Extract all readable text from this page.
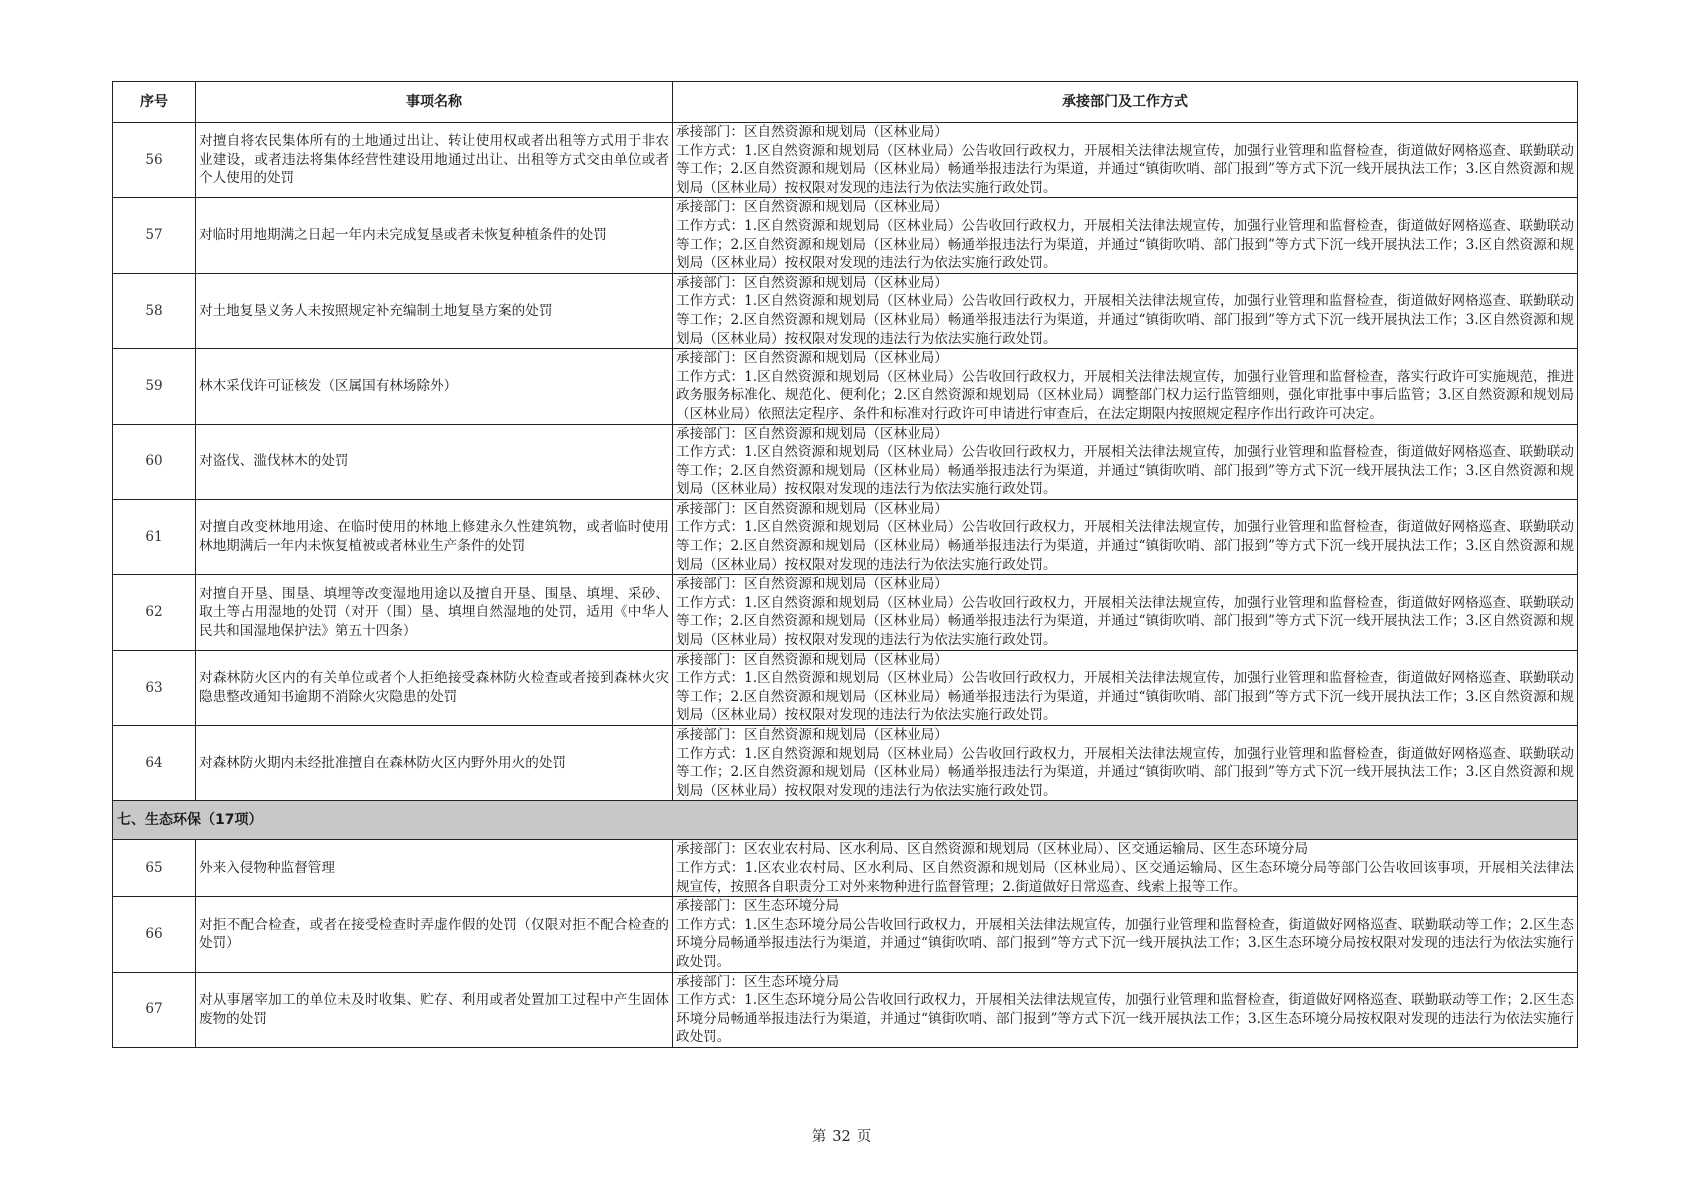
序号	事项名称	承接部门及工作方式
56	对擅自将农民集体所有的土地通过出让、转让使用权或者出租等方式用于非农业建设，或者违法将集体经营性建设用地通过出让、出租等方式交由单位或者个人使用的处罚	承接部门：区自然资源和规划局（区林业局）
工作方式：1.区自然资源和规划局（区林业局）公告收回行政权力，开展相关法律法规宣传，加强行业管理和监督检查，街道做好网格巡查、联勤联动等工作；2.区自然资源和规划局（区林业局）畅通举报违法行为渠道，并通过“镇街吹哨、部门报到”等方式下沉一线开展执法工作；3.区自然资源和规划局（区林业局）按权限对发现的违法行为依法实施行政处罚。
57	对临时用地期满之日起一年内未完成复垦或者未恢复种植条件的处罚	承接部门：区自然资源和规划局（区林业局）
工作方式：1.区自然资源和规划局（区林业局）公告收回行政权力，开展相关法律法规宣传，加强行业管理和监督检查，街道做好网格巡查、联勤联动等工作；2.区自然资源和规划局（区林业局）畅通举报违法行为渠道，并通过“镇街吹哨、部门报到”等方式下沉一线开展执法工作；3.区自然资源和规划局（区林业局）按权限对发现的违法行为依法实施行政处罚。
58	对土地复垦义务人未按照规定补充编制土地复垦方案的处罚	承接部门：区自然资源和规划局（区林业局）
工作方式：1.区自然资源和规划局（区林业局）公告收回行政权力，开展相关法律法规宣传，加强行业管理和监督检查，街道做好网格巡查、联勤联动等工作；2.区自然资源和规划局（区林业局）畅通举报违法行为渠道，并通过“镇街吹哨、部门报到”等方式下沉一线开展执法工作；3.区自然资源和规划局（区林业局）按权限对发现的违法行为依法实施行政处罚。
59	林木采伐许可证核发（区属国有林场除外）	承接部门：区自然资源和规划局（区林业局）
工作方式：1.区自然资源和规划局（区林业局）公告收回行政权力，开展相关法律法规宣传，加强行业管理和监督检查，落实行政许可实施规范，推进政务服务标准化、规范化、便利化；2.区自然资源和规划局（区林业局）调整部门权力运行监管细则，强化审批事中事后监管；3.区自然资源和规划局（区林业局）依照法定程序、条件和标准对行政许可申请进行审查后，在法定期限内按照规定程序作出行政许可决定。
60	对盗伐、滥伐林木的处罚	承接部门：区自然资源和规划局（区林业局）
工作方式：1.区自然资源和规划局（区林业局）公告收回行政权力，开展相关法律法规宣传，加强行业管理和监督检查，街道做好网格巡查、联勤联动等工作；2.区自然资源和规划局（区林业局）畅通举报违法行为渠道，并通过“镇街吹哨、部门报到”等方式下沉一线开展执法工作；3.区自然资源和规划局（区林业局）按权限对发现的违法行为依法实施行政处罚。
61	对擅自改变林地用途、在临时使用的林地上修建永久性建筑物，或者临时使用林地期满后一年内未恢复植被或者林业生产条件的处罚	承接部门：区自然资源和规划局（区林业局）
工作方式：1.区自然资源和规划局（区林业局）公告收回行政权力，开展相关法律法规宣传，加强行业管理和监督检查，街道做好网格巡查、联勤联动等工作；2.区自然资源和规划局（区林业局）畅通举报违法行为渠道，并通过“镇街吹哨、部门报到”等方式下沉一线开展执法工作；3.区自然资源和规划局（区林业局）按权限对发现的违法行为依法实施行政处罚。
62	对擅自开垦、围垦、填埋等改变湿地用途以及擅自开垦、围垦、填埋、采砂、取土等占用湿地的处罚（对开（围）垦、填埋自然湿地的处罚，适用《中华人民共和国湿地保护法》第五十四条）	承接部门：区自然资源和规划局（区林业局）
工作方式：1.区自然资源和规划局（区林业局）公告收回行政权力，开展相关法律法规宣传，加强行业管理和监督检查，街道做好网格巡查、联勤联动等工作；2.区自然资源和规划局（区林业局）畅通举报违法行为渠道，并通过“镇街吹哨、部门报到”等方式下沉一线开展执法工作；3.区自然资源和规划局（区林业局）按权限对发现的违法行为依法实施行政处罚。
63	对森林防火区内的有关单位或者个人拒绝接受森林防火检查或者接到森林火灾隐患整改通知书逾期不消除火灾隐患的处罚	承接部门：区自然资源和规划局（区林业局）
工作方式：1.区自然资源和规划局（区林业局）公告收回行政权力，开展相关法律法规宣传，加强行业管理和监督检查，街道做好网格巡查、联勤联动等工作；2.区自然资源和规划局（区林业局）畅通举报违法行为渠道，并通过“镇街吹哨、部门报到”等方式下沉一线开展执法工作；3.区自然资源和规划局（区林业局）按权限对发现的违法行为依法实施行政处罚。
64	对森林防火期内未经批准擅自在森林防火区内野外用火的处罚	承接部门：区自然资源和规划局（区林业局）
工作方式：1.区自然资源和规划局（区林业局）公告收回行政权力，开展相关法律法规宣传，加强行业管理和监督检查，街道做好网格巡查、联勤联动等工作；2.区自然资源和规划局（区林业局）畅通举报违法行为渠道，并通过“镇街吹哨、部门报到”等方式下沉一线开展执法工作；3.区自然资源和规划局（区林业局）按权限对发现的违法行为依法实施行政处罚。
七、生态环保（17项）		
65	外来入侵物种监督管理	承接部门：区农业农村局、区水利局、区自然资源和规划局（区林业局）、区交通运输局、区生态环境分局
工作方式：1.区农业农村局、区水利局、区自然资源和规划局（区林业局）、区交通运输局、区生态环境分局等部门公告收回该事项，开展相关法律法规宣传，按照各自职责分工对外来物种进行监督管理；2.街道做好日常巡查、线索上报等工作。
66	对拒不配合检查，或者在接受检查时弄虚作假的处罚（仅限对拒不配合检查的处罚）	承接部门：区生态环境分局
工作方式：1.区生态环境分局公告收回行政权力，开展相关法律法规宣传，加强行业管理和监督检查，街道做好网格巡查、联勤联动等工作；2.区生态环境分局畅通举报违法行为渠道，并通过“镇街吹哨、部门报到”等方式下沉一线开展执法工作；3.区生态环境分局按权限对发现的违法行为依法实施行政处罚。
67	对从事屠宰加工的单位未及时收集、贮存、利用或者处置加工过程中产生固体废物的处罚	承接部门：区生态环境分局
工作方式：1.区生态环境分局公告收回行政权力，开展相关法律法规宣传，加强行业管理和监督检查，街道做好网格巡查、联勤联动等工作；2.区生态环境分局畅通举报违法行为渠道，并通过“镇街吹哨、部门报到”等方式下沉一线开展执法工作；3.区生态环境分局按权限对发现的违法行为依法实施行政处罚。
第 32 页
